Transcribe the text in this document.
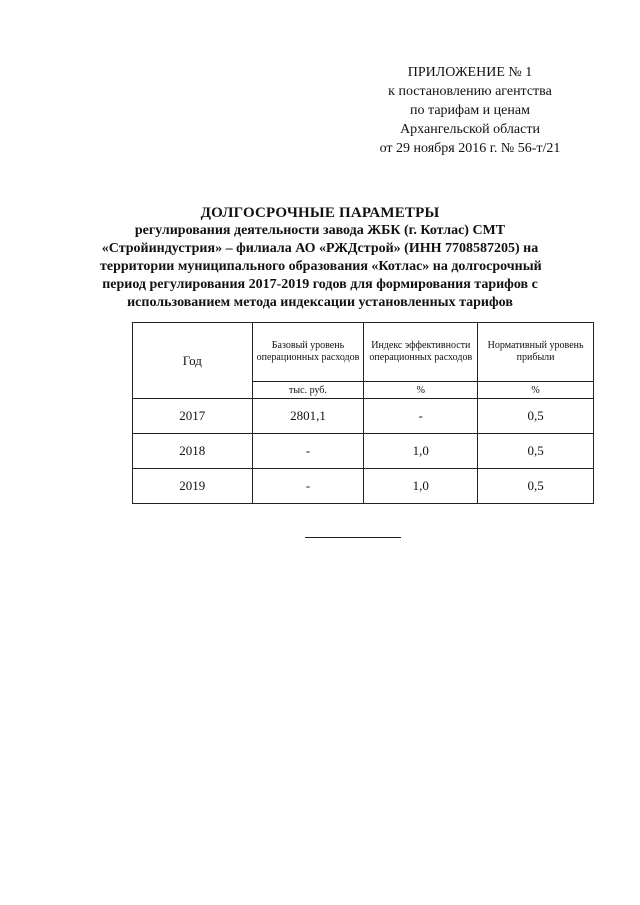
ПРИЛОЖЕНИЕ № 1
к постановлению агентства
по тарифам и ценам
Архангельской области
от 29 ноября 2016 г. № 56-т/21
ДОЛГОСРОЧНЫЕ ПАРАМЕТРЫ
регулирования деятельности завода ЖБК (г. Котлас) СМТ
«Стройиндустрия» – филиала АО «РЖДстрой» (ИНН 7708587205) на
территории муниципального образования «Котлас» на долгосрочный
период регулирования 2017-2019 годов для формирования тарифов с
использованием метода индексации установленных тарифов
Год	Базовый уровень операционных расходов	Индекс эффективности операционных расходов	Нормативный уровень прибыли
	тыс. руб.	%	%
2017	2801,1	-	0,5
2018	-	1,0	0,5
2019	-	1,0	0,5
